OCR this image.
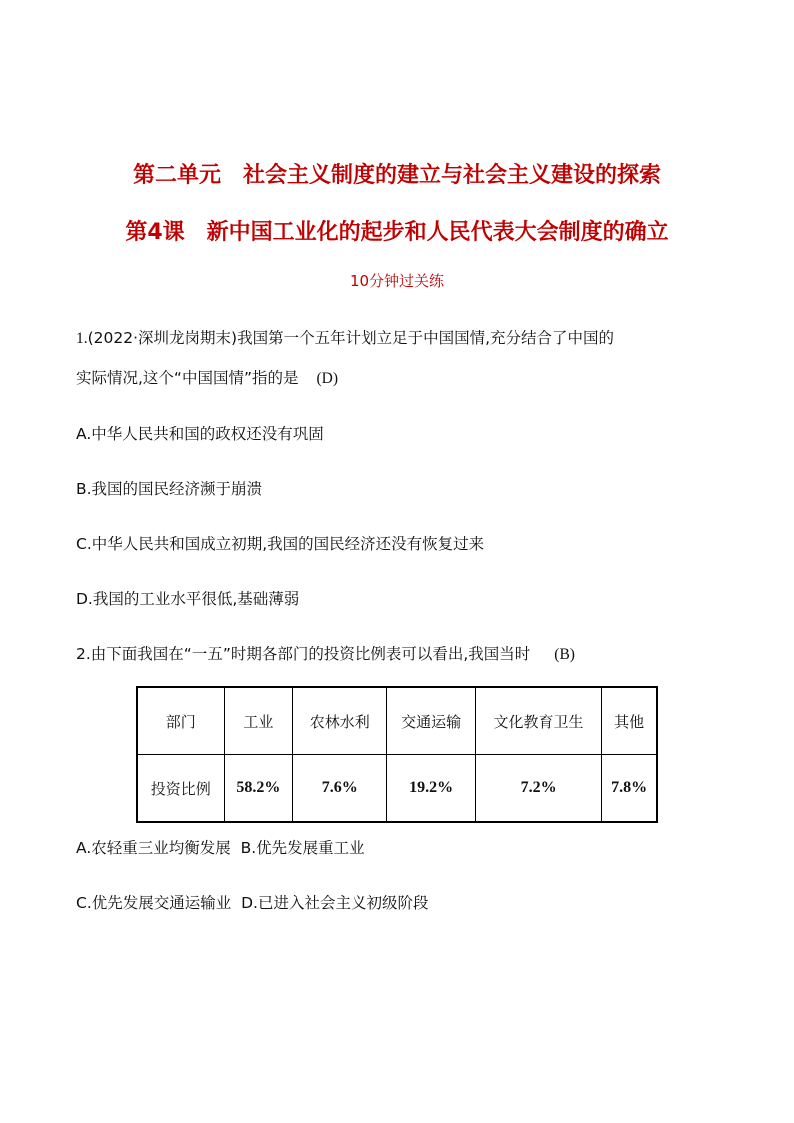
第二单元　社会主义制度的建立与社会主义建设的探索
第4课　新中国工业化的起步和人民代表大会制度的确立
10分钟过关练
1.(2022·深圳龙岗期末)我国第一个五年计划立足于中国国情,充分结合了中国的
实际情况,这个“中国国情”指的是 (D)
A.中华人民共和国的政权还没有巩固
B.我国的国民经济濒于崩溃
C.中华人民共和国成立初期,我国的国民经济还没有恢复过来
D.我国的工业水平很低,基础薄弱
2.由下面我国在“一五”时期各部门的投资比例表可以看出,我国当时 (B)
部门	工业	农林水利	交通运输	文化教育卫生	其他
投资比例	58.2%	7.6%	19.2%	7.2%	7.8%
A.农轻重三业均衡发展  B.优先发展重工业
C.优先发展交通运输业  D.已进入社会主义初级阶段
